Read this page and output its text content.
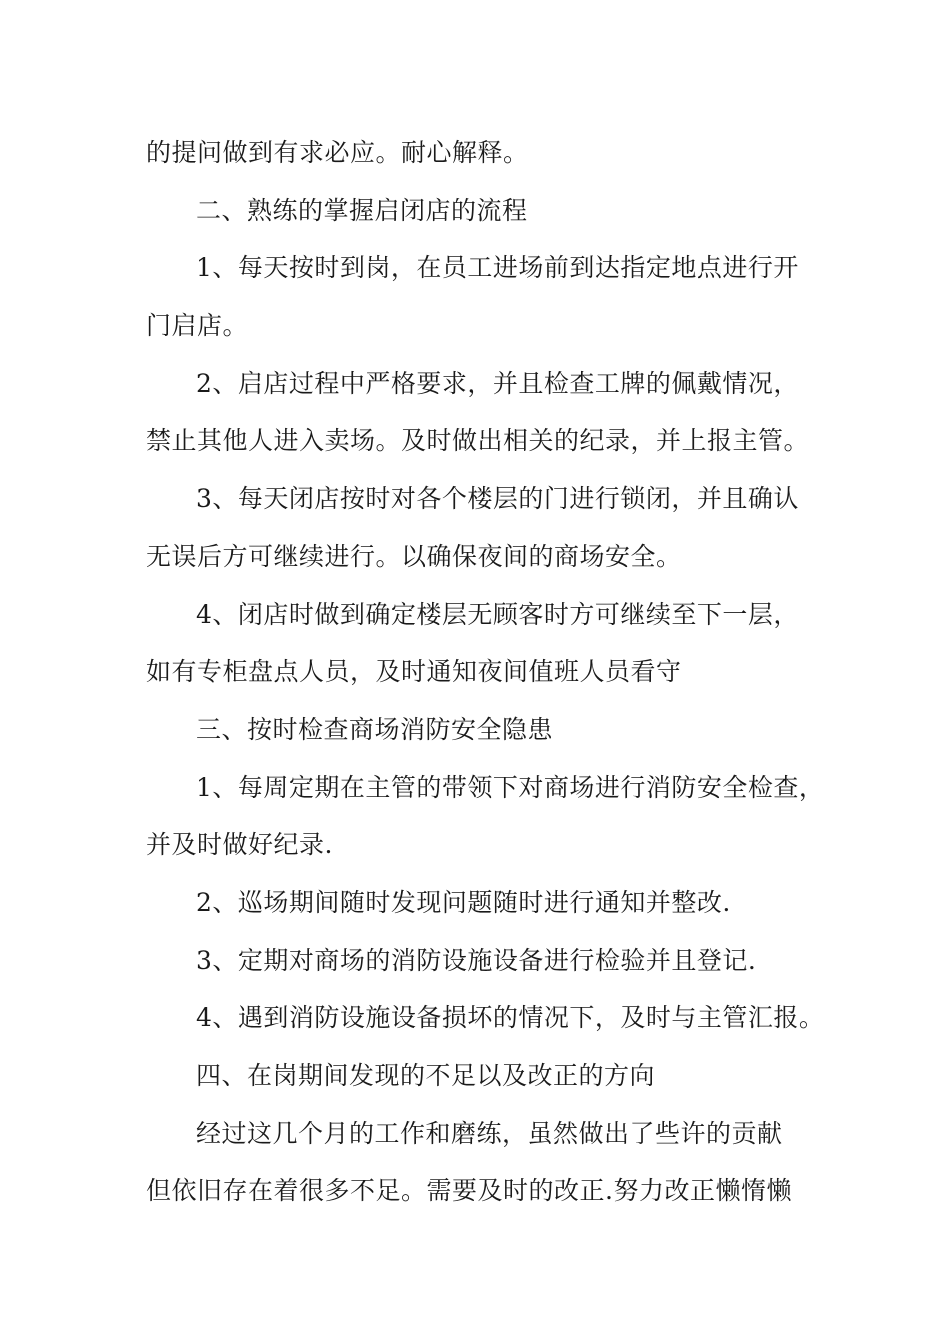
的提问做到有求必应。耐心解释。
二、熟练的掌握启闭店的流程
1、每天按时到岗，在员工进场前到达指定地点进行开
门启店。
2、启店过程中严格要求，并且检查工牌的佩戴情况，
禁止其他人进入卖场。及时做出相关的纪录，并上报主管。
3、每天闭店按时对各个楼层的门进行锁闭，并且确认
无误后方可继续进行。以确保夜间的商场安全。
4、闭店时做到确定楼层无顾客时方可继续至下一层，
如有专柜盘点人员，及时通知夜间值班人员看守
三、按时检查商场消防安全隐患
1、每周定期在主管的带领下对商场进行消防安全检查，
并及时做好纪录.
2、巡场期间随时发现问题随时进行通知并整改.
3、定期对商场的消防设施设备进行检验并且登记.
4、遇到消防设施设备损坏的情况下，及时与主管汇报。
四、在岗期间发现的不足以及改正的方向
经过这几个月的工作和磨练，虽然做出了些许的贡献
但依旧存在着很多不足。需要及时的改正.努力改正懒惰懒
